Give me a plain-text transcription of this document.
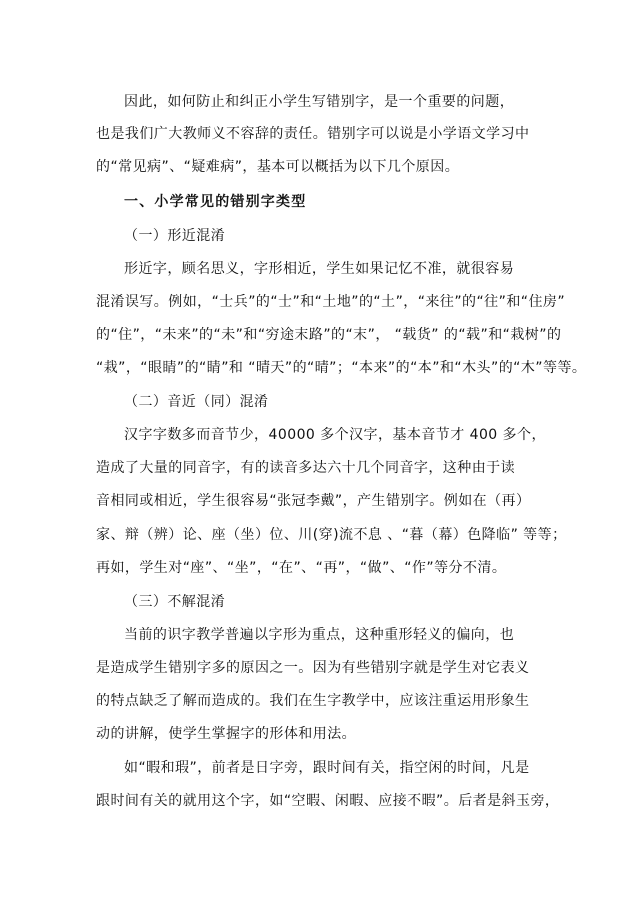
因此，如何防止和纠正小学生写错别字，是一个重要的问题，
也是我们广大教师义不容辞的责任。错别字可以说是小学语文学习中
的“常见病”、“疑难病”，基本可以概括为以下几个原因。
一、小学常见的错别字类型
（一）形近混淆
形近字，顾名思义，字形相近，学生如果记忆不准，就很容易
混淆误写。例如，“士兵”的“士”和“土地”的“土”，“来往”的“往”和“住房”
的“住”，“未来”的“未”和“穷途末路”的“末”， “载货” 的“载”和“栽树”的
“栽”，“眼睛”的“睛”和 “晴天”的“晴”；“本来”的“本”和“木头”的“木”等等。
（二）音近（同）混淆
汉字字数多而音节少，40000 多个汉字，基本音节才 400 多个，
造成了大量的同音字，有的读音多达六十几个同音字，这种由于读
音相同或相近，学生很容易“张冠李戴”，产生错别字。例如在（再）
家、辩（辨）论、座（坐）位、川(穿)流不息 、“暮（幕）色降临” 等等；
再如，学生对“座”、“坐”，“在”、“再”，“做”、“作”等分不清。
（三）不解混淆
当前的识字教学普遍以字形为重点，这种重形轻义的偏向，也
是造成学生错别字多的原因之一。因为有些错别字就是学生对它表义
的特点缺乏了解而造成的。我们在生字教学中，应该注重运用形象生
动的讲解，使学生掌握字的形体和用法。
如“暇和瑕”，前者是日字旁，跟时间有关，指空闲的时间，凡是
跟时间有关的就用这个字，如“空暇、闲暇、应接不暇”。后者是斜玉旁，
